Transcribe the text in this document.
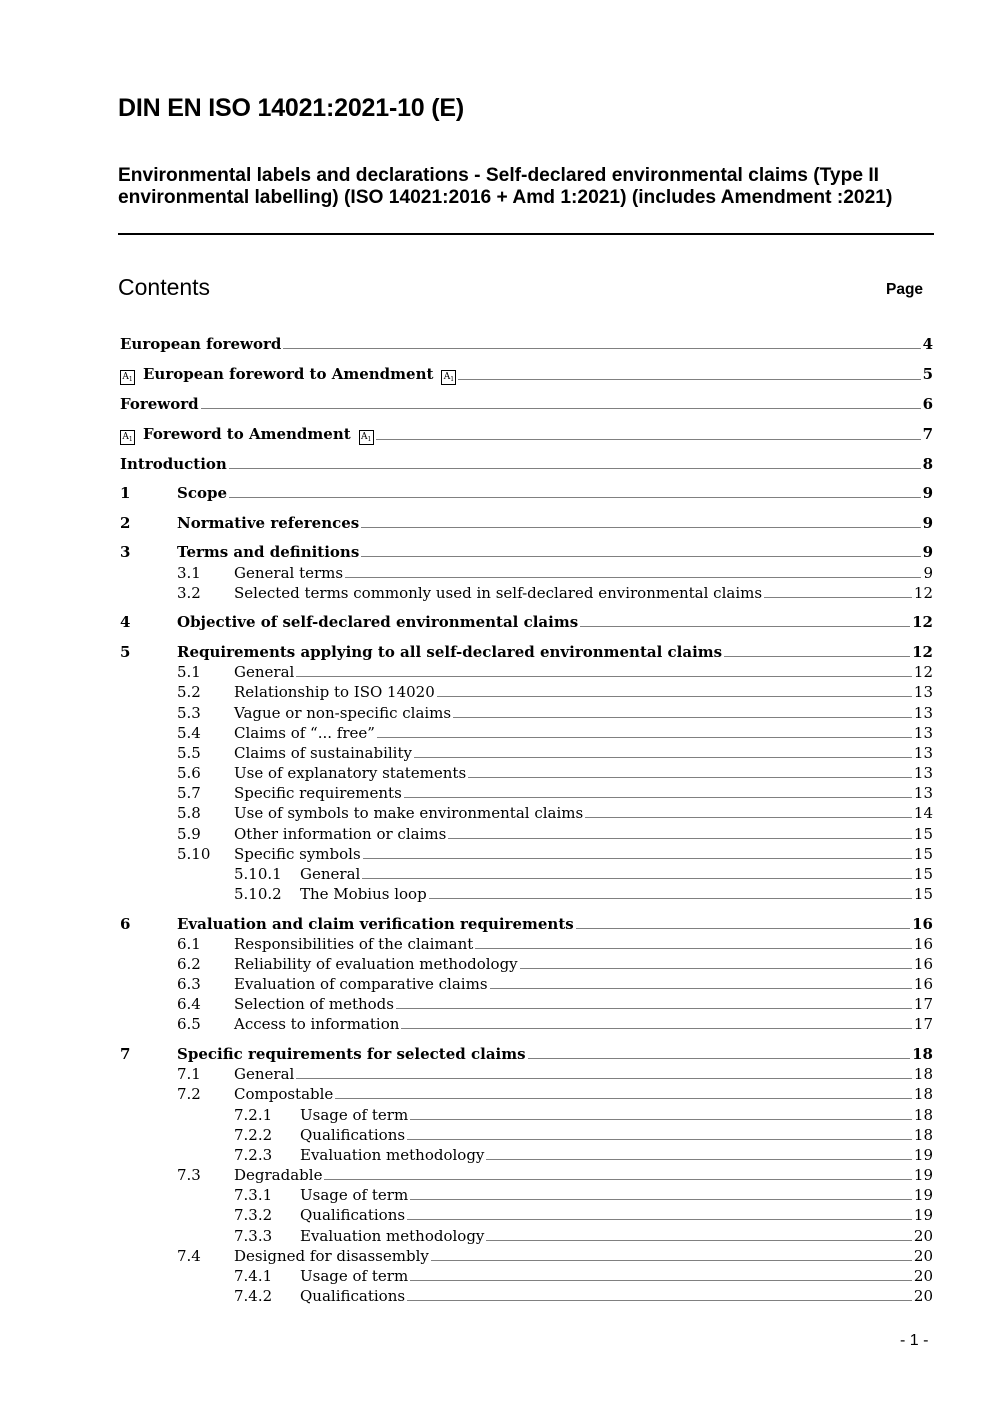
DIN EN ISO 14021:2021-10 (E)
Environmental labels and declarations - Self-declared environmental claims (Type II environmental labelling) (ISO 14021:2016 + Amd 1:2021) (includes Amendment :2021)
Contents	Page
European foreword	4
$A_1$ European foreword to Amendment $A_1$	5
Foreword	6
$A_1$ Foreword to Amendment $A_1$	7
Introduction	8
1	Scope	9
2	Normative references	9
3	Terms and definitions	9
3.1 General terms	9
3.2 Selected terms commonly used in self-declared environmental claims	12
4	Objective of self-declared environmental claims	12
5	Requirements applying to all self-declared environmental claims	12
5.1 General	12
5.2 Relationship to ISO 14020	13
5.3 Vague or non-specific claims	13
5.4 Claims of “... free”	13
5.5 Claims of sustainability	13
5.6 Use of explanatory statements	13
5.7 Specific requirements	13
5.8 Use of symbols to make environmental claims	14
5.9 Other information or claims	15
5.10 Specific symbols	15
5.10.1 General	15
5.10.2 The Mobius loop	15
6	Evaluation and claim verification requirements	16
6.1 Responsibilities of the claimant	16
6.2 Reliability of evaluation methodology	16
6.3 Evaluation of comparative claims	16
6.4 Selection of methods	17
6.5 Access to information	17
7	Specific requirements for selected claims	18
7.1 General	18
7.2 Compostable	18
7.2.1 Usage of term	18
7.2.2 Qualifications	18
7.2.3 Evaluation methodology	19
7.3 Degradable	19
7.3.1 Usage of term	19
7.3.2 Qualifications	19
7.3.3 Evaluation methodology	20
7.4 Designed for disassembly	20
7.4.1 Usage of term	20
7.4.2 Qualifications	20
- 1 -
